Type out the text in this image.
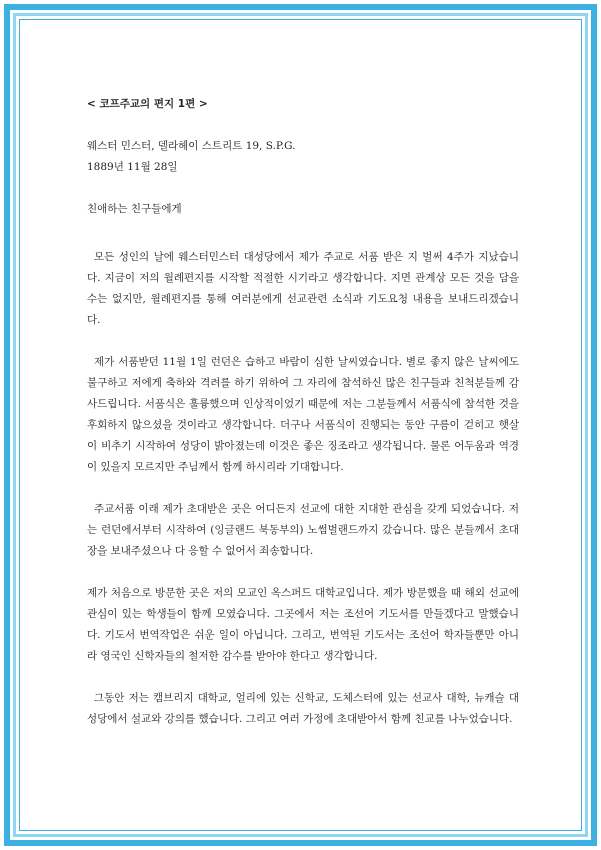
< 코프주교의 편지 1편 >

웨스터 민스터, 델라헤이 스트리트 19, S.P.G.
1889년 11월 28일
친애하는 친구들에게

모든 성인의 날에 웨스터민스터 대성당에서 제가 주교로 서품 받은 지 벌써 4주가 지났습니다. 지금이 저의 월례편지를 시작할 적절한 시기라고 생각합니다. 지면 관계상 모든 것을 담을 수는 없지만, 월례편지를 통해 여러분에게 선교관련 소식과 기도요청 내용을 보내드리겠습니다.

제가 서품받던 11월 1일 런던은 습하고 바람이 심한 날씨였습니다. 별로 좋지 않은 날씨에도 불구하고 저에게 축하와 격려를 하기 위하여 그 자리에 참석하신 많은 친구들과 친척분들께 감사드립니다. 서품식은 훌륭했으며 인상적이었기 때문에 저는 그분들께서 서품식에 참석한 것을 후회하지 않으셨을 것이라고 생각합니다. 더구나 서품식이 진행되는 동안 구름이 걷히고 햇살이 비추기 시작하여 성당이 밝아졌는데 이것은 좋은 징조라고 생각됩니다. 물론 어두움과 역경이 있을지 모르지만 주님께서 함께 하시리라 기대합니다.

주교서품 이래 제가 초대받은 곳은 어디든지 선교에 대한 지대한 관심을 갖게 되었습니다. 저는 런던에서부터 시작하여 (잉글랜드 북동부의) 노썸벌랜드까지 갔습니다. 많은 분들께서 초대장을 보내주셨으나 다 응할 수 없어서 죄송합니다.

제가 처음으로 방문한 곳은 저의 모교인 옥스퍼드 대학교입니다. 제가 방문했을 때 해외 선교에 관심이 있는 학생들이 함께 모였습니다. 그곳에서 저는 조선어 기도서를 만들겠다고 말했습니다. 기도서 번역작업은 쉬운 일이 아닙니다. 그리고, 번역된 기도서는 조선어 학자들뿐만 아니라 영국인 신학자들의 철저한 감수를 받아야 한다고 생각합니다.

그동안 저는 캠브리지 대학교, 얼리에 있는 신학교, 도체스터에 있는 선교사 대학, 뉴캐슬 대성당에서 설교와 강의를 했습니다. 그리고 여러 가정에 초대받아서 함께 친교를 나누었습니다.
